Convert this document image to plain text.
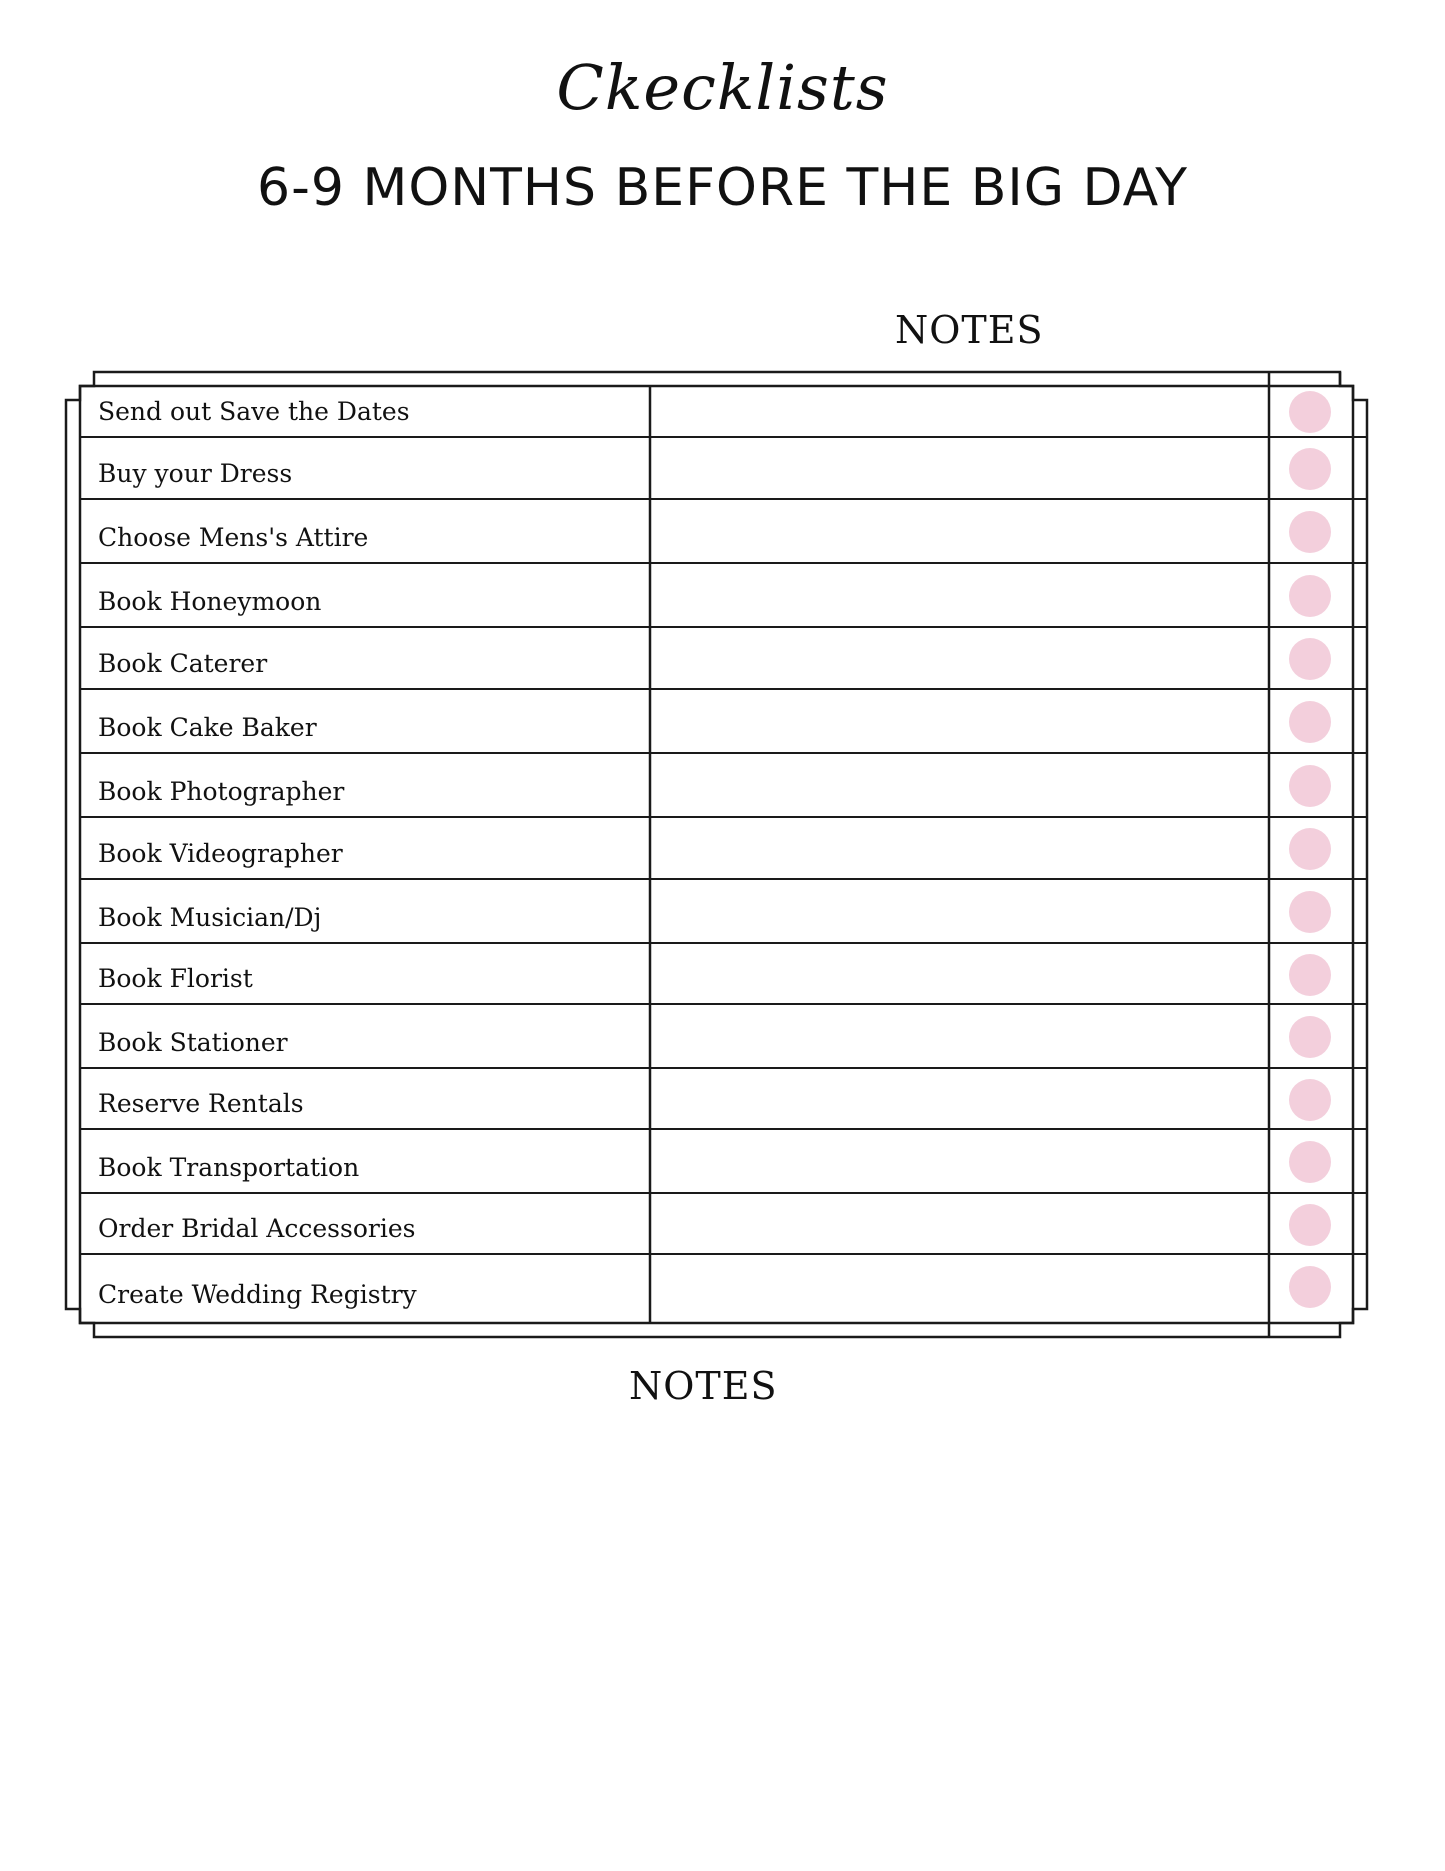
Ckecklists
6-9 MONTHS BEFORE THE BIG DAY
NOTES
Send out Save the Dates
Buy your Dress
Choose Mens's Attire
Book Honeymoon
Book Caterer
Book Cake Baker
Book Photographer
Book Videographer
Book Musician/Dj
Book Florist
Book Stationer
Reserve Rentals
Book Transportation
Order Bridal Accessories
Create Wedding Registry
NOTES
